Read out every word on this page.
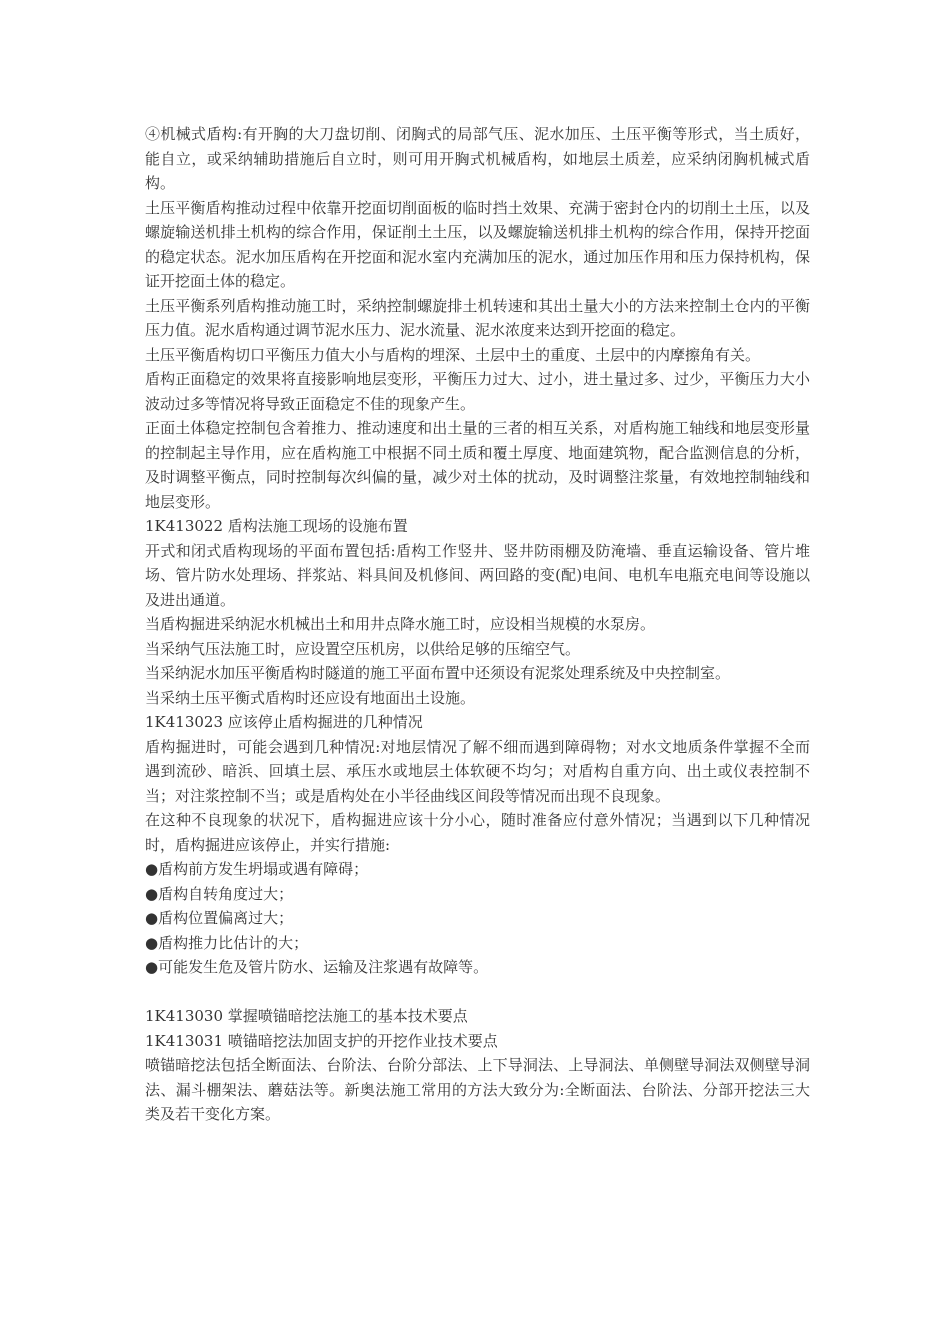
④机械式盾构:有开胸的大刀盘切削、闭胸式的局部气压、泥水加压、土压平衡等形式，当土质好，能自立，或采纳辅助措施后自立时，则可用开胸式机械盾构，如地层土质差，应采纳闭胸机械式盾构。

土压平衡盾构推动过程中依靠开挖面切削面板的临时挡土效果、充满于密封仓内的切削土土压，以及螺旋输送机排土机构的综合作用，保证削土土压，以及螺旋输送机排土机构的综合作用，保持开挖面的稳定状态。泥水加压盾构在开挖面和泥水室内充满加压的泥水，通过加压作用和压力保持机构，保证开挖面土体的稳定。

土压平衡系列盾构推动施工时，采纳控制螺旋排土机转速和其出土量大小的方法来控制土仓内的平衡压力值。泥水盾构通过调节泥水压力、泥水流量、泥水浓度来达到开挖面的稳定。

土压平衡盾构切口平衡压力值大小与盾构的埋深、土层中土的重度、土层中的内摩擦角有关。

盾构正面稳定的效果将直接影响地层变形，平衡压力过大、过小，进土量过多、过少，平衡压力大小波动过多等情况将导致正面稳定不佳的现象产生。

正面土体稳定控制包含着推力、推动速度和出土量的三者的相互关系，对盾构施工轴线和地层变形量的控制起主导作用，应在盾构施工中根据不同土质和覆土厚度、地面建筑物，配合监测信息的分析，及时调整平衡点，同时控制每次纠偏的量，减少对土体的扰动，及时调整注浆量，有效地控制轴线和地层变形。

1K413022 盾构法施工现场的设施布置

开式和闭式盾构现场的平面布置包括:盾构工作竖井、竖井防雨棚及防淹墙、垂直运输设备、管片堆场、管片防水处理场、拌浆站、料具间及机修间、两回路的变(配)电间、电机车电瓶充电间等设施以及进出通道。

当盾构掘进采纳泥水机械出土和用井点降水施工时，应设相当规模的水泵房。

当采纳气压法施工时，应设置空压机房，以供给足够的压缩空气。

当采纳泥水加压平衡盾构时隧道的施工平面布置中还须设有泥浆处理系统及中央控制室。

当采纳土压平衡式盾构时还应设有地面出土设施。

1K413023 应该停止盾构掘进的几种情况

盾构掘进时，可能会遇到几种情况:对地层情况了解不细而遇到障碍物；对水文地质条件掌握不全而遇到流砂、暗浜、回填土层、承压水或地层土体软硬不均匀；对盾构自重方向、出土或仪表控制不当；对注浆控制不当；或是盾构处在小半径曲线区间段等情况而出现不良现象。

在这种不良现象的状况下，盾构掘进应该十分小心，随时准备应付意外情况；当遇到以下几种情况时，盾构掘进应该停止，并实行措施:

●盾构前方发生坍塌或遇有障碍；
●盾构自转角度过大；
●盾构位置偏离过大；
●盾构推力比估计的大；
●可能发生危及管片防水、运输及注浆遇有故障等。

1K413030 掌握喷锚暗挖法施工的基本技术要点

1K413031 喷锚暗挖法加固支护的开挖作业技术要点

喷锚暗挖法包括全断面法、台阶法、台阶分部法、上下导洞法、上导洞法、单侧壁导洞法双侧壁导洞法、漏斗棚架法、蘑菇法等。新奥法施工常用的方法大致分为:全断面法、台阶法、分部开挖法三大类及若干变化方案。
